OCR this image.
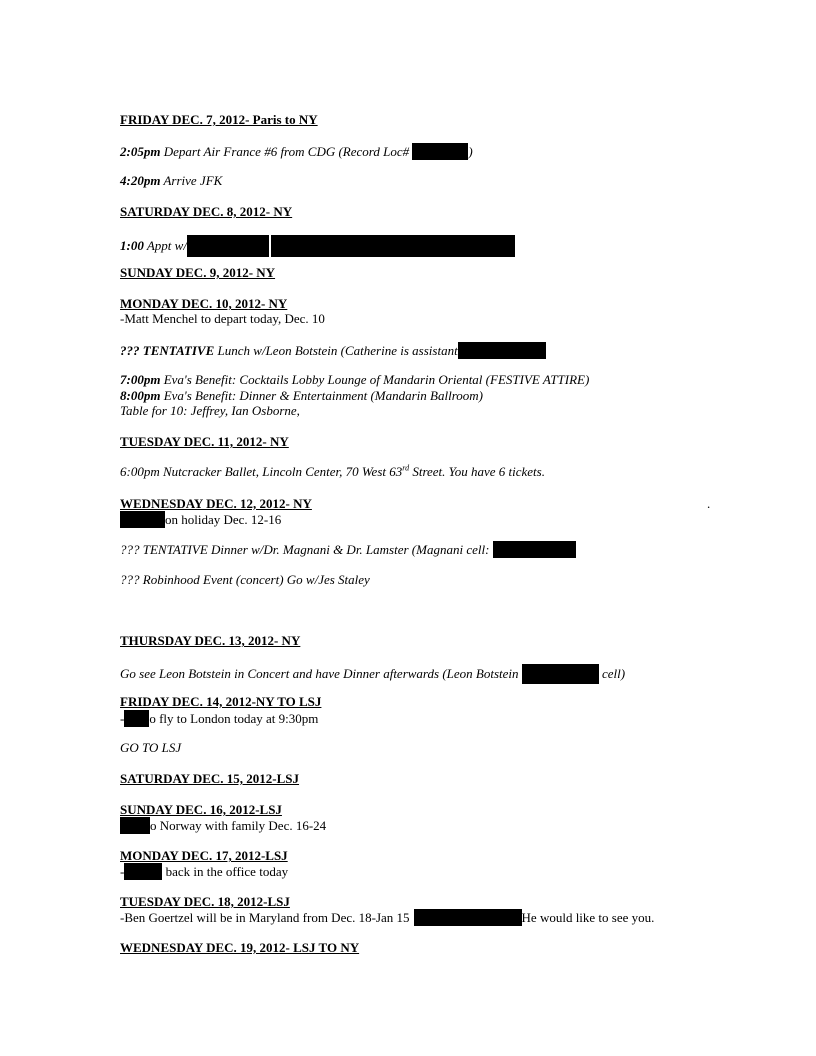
FRIDAY DEC. 7, 2012- Paris to NY
2:05pm Depart Air France #6 from CDG (Record Loc#	)
4:20pm Arrive JFK
SATURDAY DEC. 8, 2012- NY
1:00 Appt w/
SUNDAY DEC. 9, 2012- NY
MONDAY DEC. 10, 2012- NY
-Matt Menchel to depart today, Dec. 10
??? TENTATIVE Lunch w/Leon Botstein (Catherine is assistant
7:00pm Eva's Benefit: Cocktails Lobby Lounge of Mandarin Oriental (FESTIVE ATTIRE)
8:00pm Eva's Benefit: Dinner & Entertainment (Mandarin Ballroom)
Table for 10: Jeffrey, Ian Osborne,
TUESDAY DEC. 11, 2012- NY
6:00pm Nutcracker Ballet, Lincoln Center, 70 West 63rd Street. You have 6 tickets.
WEDNESDAY DEC. 12, 2012- NY	.
on holiday Dec. 12-16
??? TENTATIVE Dinner w/Dr. Magnani & Dr. Lamster (Magnani cell:
??? Robinhood Event (concert) Go w/Jes Staley
THURSDAY DEC. 13, 2012- NY
Go see Leon Botstein in Concert and have Dinner afterwards (Leon Botstein	cell)
FRIDAY DEC. 14, 2012-NY TO LSJ
- o fly to London today at 9:30pm
GO TO LSJ
SATURDAY DEC. 15, 2012-LSJ
SUNDAY DEC. 16, 2012-LSJ
o Norway with family Dec. 16-24
MONDAY DEC. 17, 2012-LSJ
-	back in the office today
TUESDAY DEC. 18, 2012-LSJ
-Ben Goertzel will be in Maryland from Dec. 18-Jan 15	He would like to see you.
WEDNESDAY DEC. 19, 2012- LSJ TO NY
